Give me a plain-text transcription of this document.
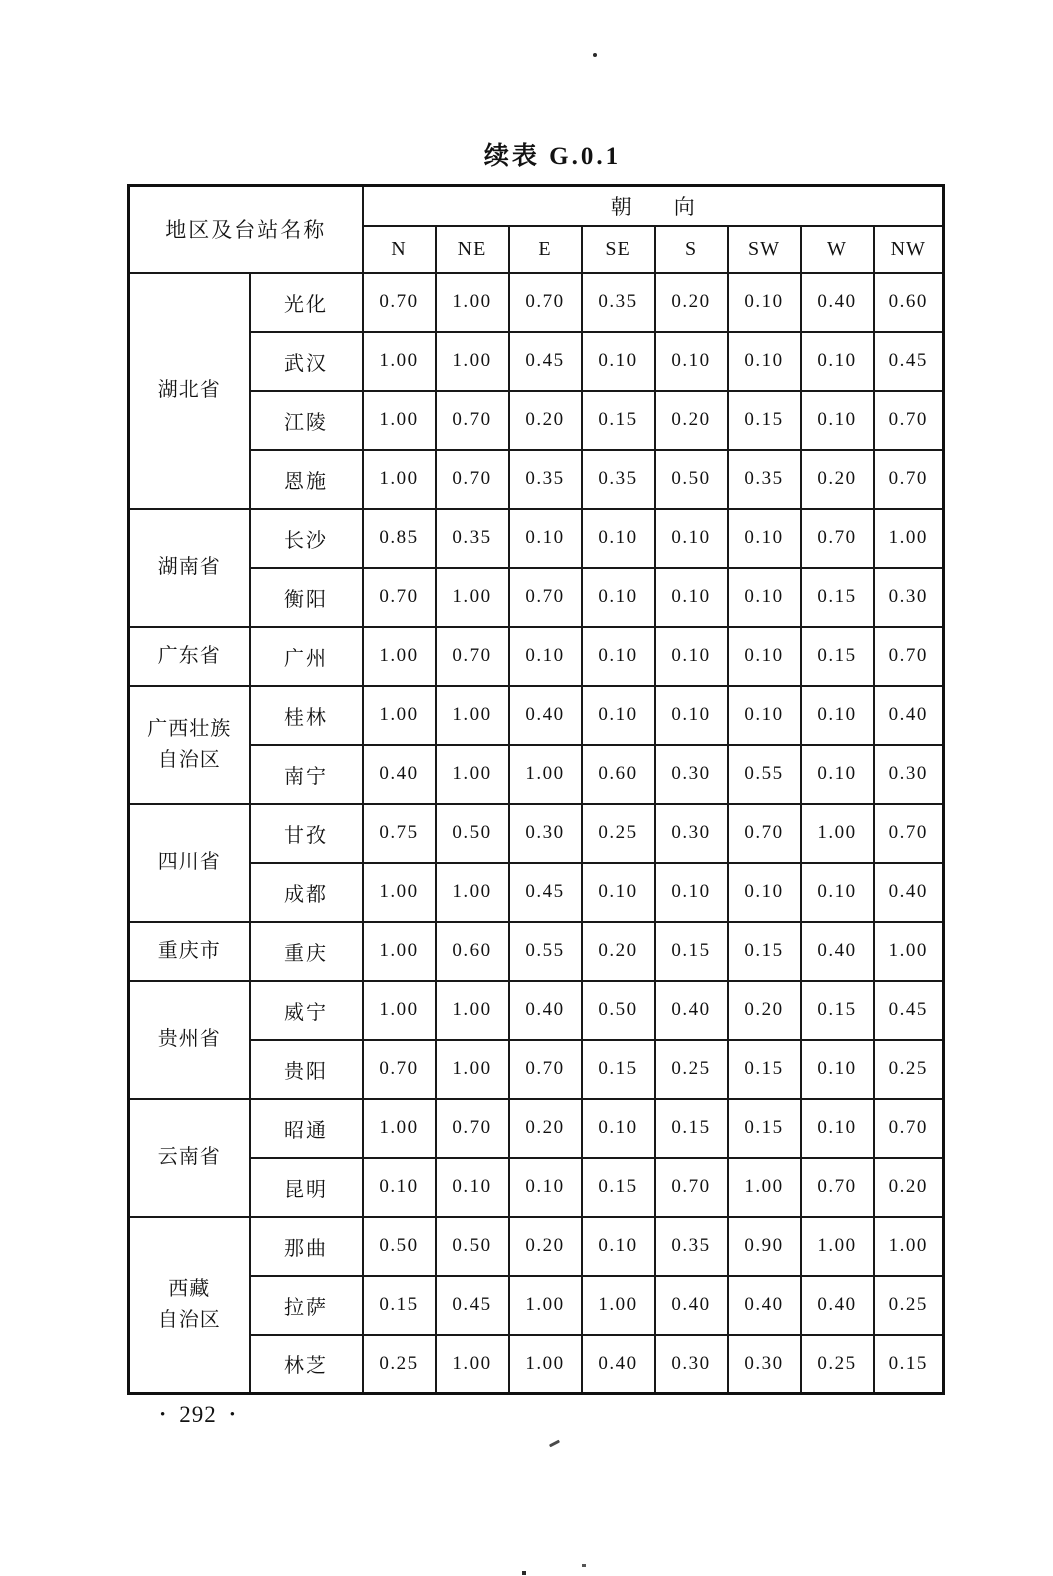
续表 G.0.1
地区及台站名称		朝　　向							
		N	NE	E	SE	S	SW	W	NW

湖北省	光化	0.70	1.00	0.70	0.35	0.20	0.10	0.40	0.60
	武汉	1.00	1.00	0.45	0.10	0.10	0.10	0.10	0.45
	江陵	1.00	0.70	0.20	0.15	0.20	0.15	0.10	0.70
	恩施	1.00	0.70	0.35	0.35	0.50	0.35	0.20	0.70

湖南省	长沙	0.85	0.35	0.10	0.10	0.10	0.10	0.70	1.00
	衡阳	0.70	1.00	0.70	0.10	0.10	0.10	0.15	0.30

广东省	广州	1.00	0.70	0.10	0.10	0.10	0.10	0.15	0.70

广西壮族
自治区	桂林	1.00	1.00	0.40	0.10	0.10	0.10	0.10	0.40
	南宁	0.40	1.00	1.00	0.60	0.30	0.55	0.10	0.30

四川省	甘孜	0.75	0.50	0.30	0.25	0.30	0.70	1.00	0.70
	成都	1.00	1.00	0.45	0.10	0.10	0.10	0.10	0.40

重庆市	重庆	1.00	0.60	0.55	0.20	0.15	0.15	0.40	1.00

贵州省	威宁	1.00	1.00	0.40	0.50	0.40	0.20	0.15	0.45
	贵阳	0.70	1.00	0.70	0.15	0.25	0.15	0.10	0.25

云南省	昭通	1.00	0.70	0.20	0.10	0.15	0.15	0.10	0.70
	昆明	0.10	0.10	0.10	0.15	0.70	1.00	0.70	0.20

西藏
自治区	那曲	0.50	0.50	0.20	0.10	0.35	0.90	1.00	1.00
	拉萨	0.15	0.45	1.00	1.00	0.40	0.40	0.40	0.25
	林芝	0.25	1.00	1.00	0.40	0.30	0.30	0.25	0.15
• 292 •
